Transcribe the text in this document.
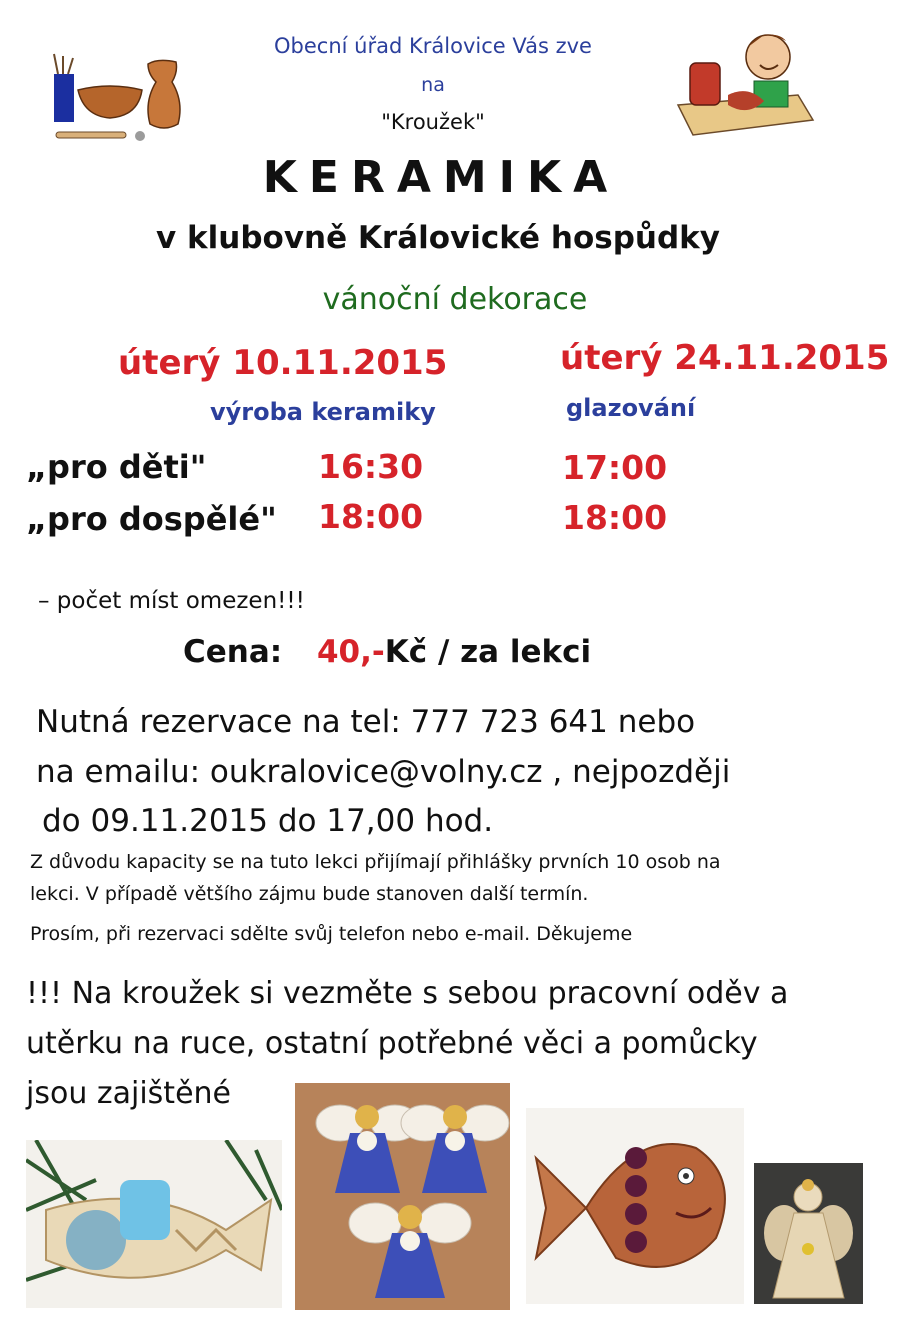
Obecní úřad Královice Vás zve
na
"Kroužek"
KERAMIKA
v klubovně Královické hospůdky
vánoční dekorace
úterý 10.11.2015	úterý 24.11.2015
výroba keramiky	glazování
„pro děti"
„pro dospělé"
16:30
18:00
17:00
18:00
– počet míst omezen!!!
Cena: 40,-Kč / za lekci
Nutná rezervace na tel: 777 723 641 nebo
na emailu: oukralovice@volny.cz , nejpozději
do 09.11.2015 do 17,00 hod.
Z důvodu kapacity se na tuto lekci přijímají přihlášky prvních 10 osob na
lekci. V případě většího zájmu bude stanoven další termín.
Prosím, při rezervaci sdělte svůj telefon nebo e-mail. Děkujeme
!!! Na kroužek si vezměte s sebou pracovní oděv a
utěrku na ruce, ostatní potřebné věci a pomůcky
jsou zajištěné
